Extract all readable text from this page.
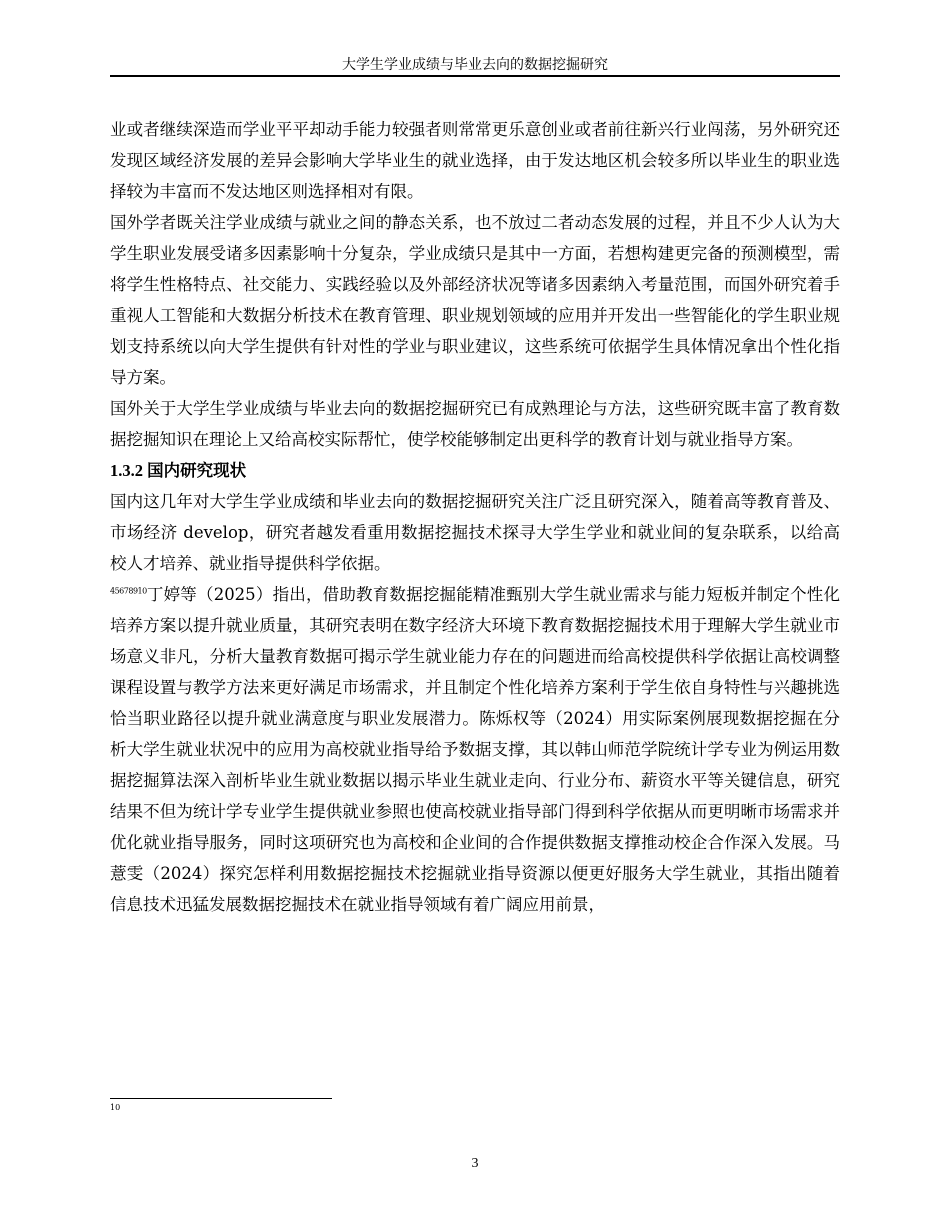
大学生学业成绩与毕业去向的数据挖掘研究

业或者继续深造而学业平平却动手能力较强者则常常更乐意创业或者前往新兴行业闯荡，另外研究还发现区域经济发展的差异会影响大学毕业生的就业选择，由于发达地区机会较多所以毕业生的职业选择较为丰富而不发达地区则选择相对有限。

国外学者既关注学业成绩与就业之间的静态关系，也不放过二者动态发展的过程，并且不少人认为大学生职业发展受诸多因素影响十分复杂，学业成绩只是其中一方面，若想构建更完备的预测模型，需将学生性格特点、社交能力、实践经验以及外部经济状况等诸多因素纳入考量范围，而国外研究着手重视人工智能和大数据分析技术在教育管理、职业规划领域的应用并开发出一些智能化的学生职业规划支持系统以向大学生提供有针对性的学业与职业建议，这些系统可依据学生具体情况拿出个性化指导方案。

国外关于大学生学业成绩与毕业去向的数据挖掘研究已有成熟理论与方法，这些研究既丰富了教育数据挖掘知识在理论上又给高校实际帮忙，使学校能够制定出更科学的教育计划与就业指导方案。

1.3.2 国内研究现状

国内这几年对大学生学业成绩和毕业去向的数据挖掘研究关注广泛且研究深入，随着高等教育普及、市场经济 develop，研究者越发看重用数据挖掘技术探寻大学生学业和就业间的复杂联系，以给高校人才培养、就业指导提供科学依据。

$^{45678910}$丁婷等（2025）指出，借助教育数据挖掘能精准甄别大学生就业需求与能力短板并制定个性化培养方案以提升就业质量，其研究表明在数字经济大环境下教育数据挖掘技术用于理解大学生就业市场意义非凡，分析大量教育数据可揭示学生就业能力存在的问题进而给高校提供科学依据让高校调整课程设置与教学方法来更好满足市场需求，并且制定个性化培养方案利于学生依自身特性与兴趣挑选恰当职业路径以提升就业满意度与职业发展潜力。陈烁权等（2024）用实际案例展现数据挖掘在分析大学生就业状况中的应用为高校就业指导给予数据支撑，其以韩山师范学院统计学专业为例运用数据挖掘算法深入剖析毕业生就业数据以揭示毕业生就业走向、行业分布、薪资水平等关键信息，研究结果不但为统计学专业学生提供就业参照也使高校就业指导部门得到科学依据从而更明晰市场需求并优化就业指导服务，同时这项研究也为高校和企业间的合作提供数据支撑推动校企合作深入发展。马薏雯（2024）探究怎样利用数据挖掘技术挖掘就业指导资源以便更好服务大学生就业，其指出随着信息技术迅猛发展数据挖掘技术在就业指导领域有着广阔应用前景，

10
3
